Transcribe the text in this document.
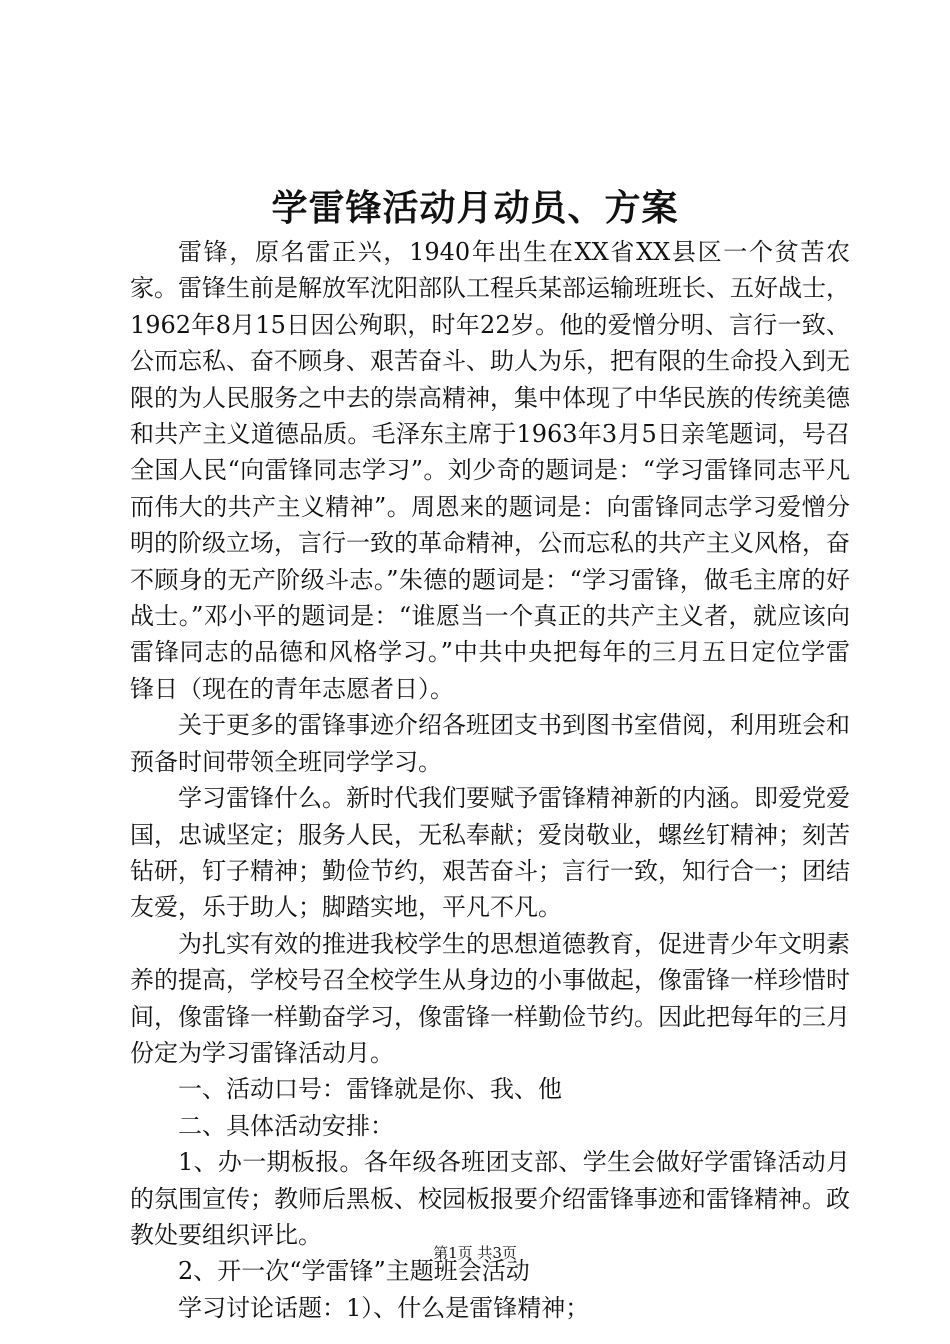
学雷锋活动月动员、方案

雷锋，原名雷正兴，1940年出生在XX省XX县区一个贫苦农家。雷锋生前是解放军沈阳部队工程兵某部运输班班长、五好战士，1962年8月15日因公殉职，时年22岁。他的爱憎分明、言行一致、公而忘私、奋不顾身、艰苦奋斗、助人为乐，把有限的生命投入到无限的为人民服务之中去的崇高精神，集中体现了中华民族的传统美德和共产主义道德品质。毛泽东主席于1963年3月5日亲笔题词，号召全国人民“向雷锋同志学习”。刘少奇的题词是：“学习雷锋同志平凡而伟大的共产主义精神”。周恩来的题词是：向雷锋同志学习爱憎分明的阶级立场，言行一致的革命精神，公而忘私的共产主义风格，奋不顾身的无产阶级斗志。”朱德的题词是：“学习雷锋，做毛主席的好战士。”邓小平的题词是：“谁愿当一个真正的共产主义者，就应该向雷锋同志的品德和风格学习。”中共中央把每年的三月五日定位学雷锋日（现在的青年志愿者日）。

关于更多的雷锋事迹介绍各班团支书到图书室借阅，利用班会和预备时间带领全班同学学习。

学习雷锋什么。新时代我们要赋予雷锋精神新的内涵。即爱党爱国，忠诚坚定；服务人民，无私奉献；爱岗敬业，螺丝钉精神；刻苦钻研，钉子精神；勤俭节约，艰苦奋斗；言行一致，知行合一；团结友爱，乐于助人；脚踏实地，平凡不凡。

为扎实有效的推进我校学生的思想道德教育，促进青少年文明素养的提高，学校号召全校学生从身边的小事做起，像雷锋一样珍惜时间，像雷锋一样勤奋学习，像雷锋一样勤俭节约。因此把每年的三月份定为学习雷锋活动月。

一、活动口号：雷锋就是你、我、他

二、具体活动安排：

1、办一期板报。各年级各班团支部、学生会做好学雷锋活动月的氛围宣传；教师后黑板、校园板报要介绍雷锋事迹和雷锋精神。政教处要组织评比。

2、开一次“学雷锋”主题班会活动

学习讨论话题：1）、什么是雷锋精神；

第1页 共3页
